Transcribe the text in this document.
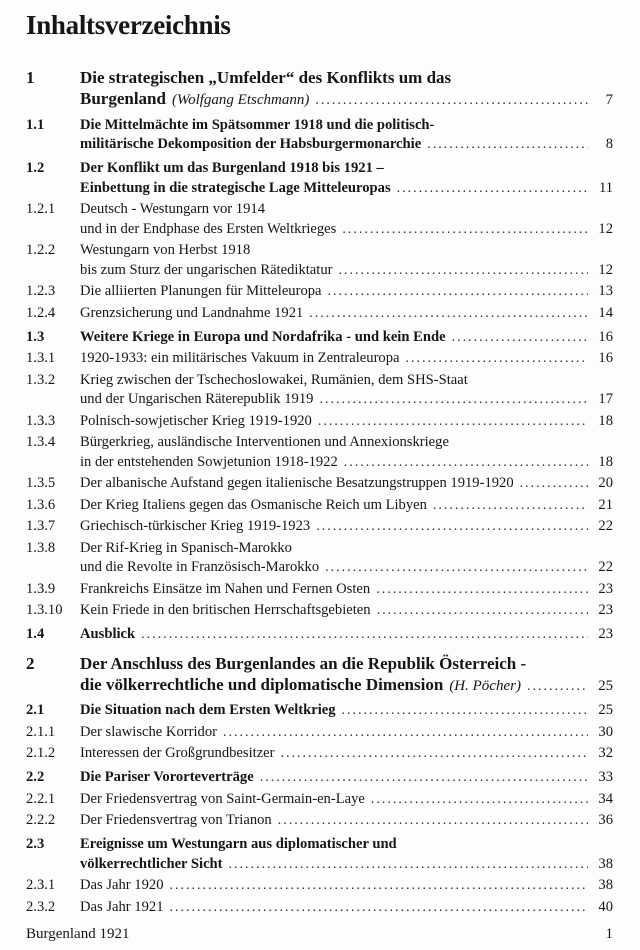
Inhaltsverzeichnis
1	Die strategischen „Umfelder“ des Konflikts um das
Burgenland (Wolfgang Etschmann) .....	7
1.1	Die Mittelmächte im Spätsommer 1918 und die politisch-
militärische Dekomposition der Habsburgermonarchie .....	8
1.2	Der Konflikt um das Burgenland 1918 bis 1921 –
Einbettung in die strategische Lage Mitteleuropas .....	11
1.2.1	Deutsch - Westungarn vor 1914
und in der Endphase des Ersten Weltkrieges .....	12
1.2.2	Westungarn von Herbst 1918
bis zum Sturz der ungarischen Rätediktatur .....	12
1.2.3	Die alliierten Planungen für Mitteleuropa .....	13
1.2.4	Grenzsicherung und Landnahme 1921 .....	14
1.3	Weitere Kriege in Europa und Nordafrika - und kein Ende .....	16
1.3.1	1920-1933: ein militärisches Vakuum in Zentraleuropa .....	16
1.3.2	Krieg zwischen der Tschechoslowakei, Rumänien, dem SHS-Staat
und der Ungarischen Räterepublik 1919 .....	17
1.3.3	Polnisch-sowjetischer Krieg 1919-1920 .....	18
1.3.4	Bürgerkrieg, ausländische Interventionen und Annexionskriege
in der entstehenden Sowjetunion 1918-1922 .....	18
1.3.5	Der albanische Aufstand gegen italienische Besatzungstruppen 1919-1920 .....	20
1.3.6	Der Krieg Italiens gegen das Osmanische Reich um Libyen .....	21
1.3.7	Griechisch-türkischer Krieg 1919-1923 .....	22
1.3.8	Der Rif-Krieg in Spanisch-Marokko
und die Revolte in Französisch-Marokko .....	22
1.3.9	Frankreichs Einsätze im Nahen und Fernen Osten .....	23
1.3.10	Kein Friede in den britischen Herrschaftsgebieten .....	23
1.4	Ausblick .....	23
2	Der Anschluss des Burgenlandes an die Republik Österreich -
die völkerrechtliche und diplomatische Dimension (H. Pöcher) .....	25
2.1	Die Situation nach dem Ersten Weltkrieg .....	25
2.1.1	Der slawische Korridor .....	30
2.1.2	Interessen der Großgrundbesitzer .....	32
2.2	Die Pariser Vororteverträge .....	33
2.2.1	Der Friedensvertrag von Saint-Germain-en-Laye .....	34
2.2.2	Der Friedensvertrag von Trianon .....	36
2.3	Ereignisse um Westungarn aus diplomatischer und
völkerrechtlicher Sicht .....	38
2.3.1	Das Jahr 1920 .....	38
2.3.2	Das Jahr 1921 .....	40
Burgenland 1921	1
